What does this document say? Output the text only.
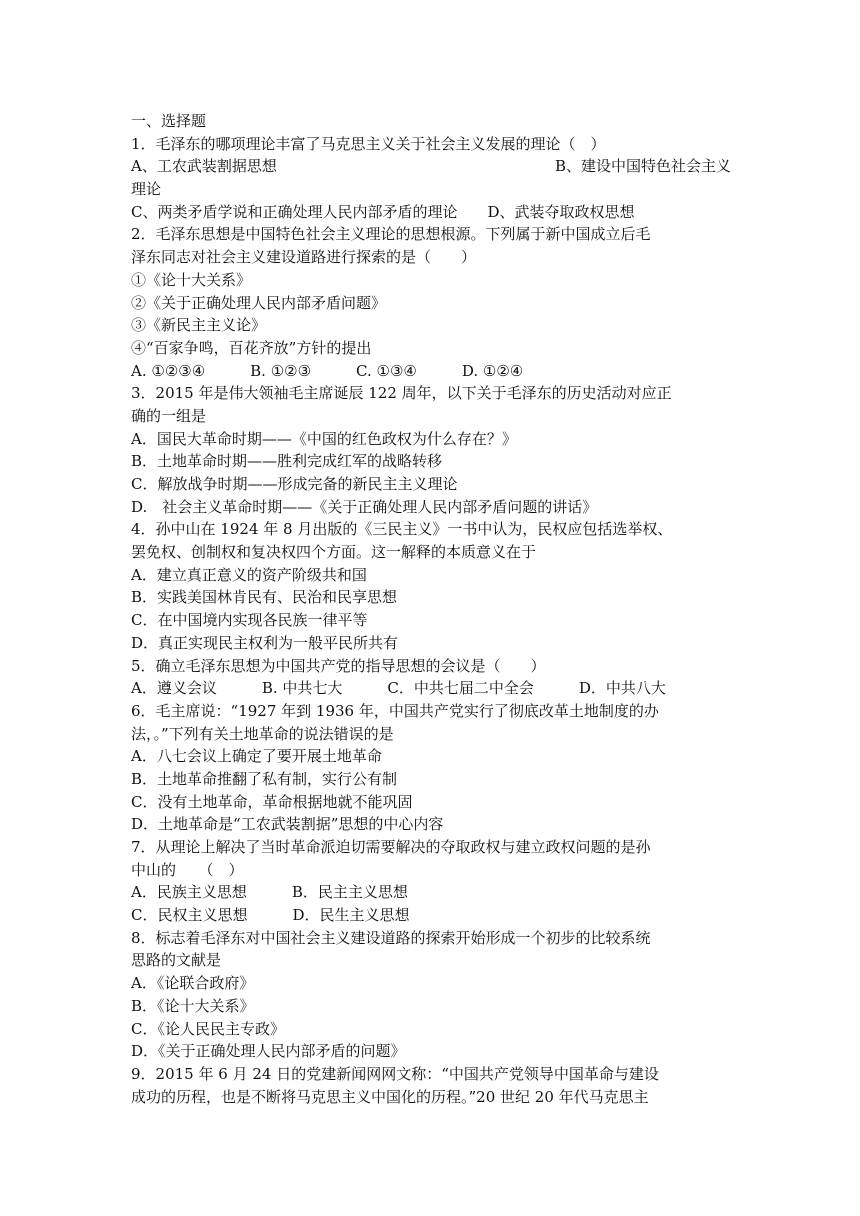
一、选择题
1．毛泽东的哪项理论丰富了马克思主义关于社会主义发展的理论（　）
A、工农武装割据思想	B、建设中国特色社会主义
理论
C、两类矛盾学说和正确处理人民内部矛盾的理论　　D、武装夺取政权思想
2．毛泽东思想是中国特色社会主义理论的思想根源。下列属于新中国成立后毛
泽东同志对社会主义建设道路进行探索的是（　　）
①《论十大关系》
②《关于正确处理人民内部矛盾问题》
③《新民主主义论》
④“百家争鸣，百花齐放”方针的提出
A. ①②③④　　　B. ①②③　　　C. ①③④　　　D. ①②④
3．2015 年是伟大领袖毛主席诞辰 122 周年，以下关于毛泽东的历史活动对应正
确的一组是
A．国民大革命时期——《中国的红色政权为什么存在？》
B．土地革命时期——胜利完成红军的战略转移
C．解放战争时期——形成完备的新民主主义理论
D.　社会主义革命时期——《关于正确处理人民内部矛盾问题的讲话》
4．孙中山在 1924 年 8 月出版的《三民主义》一书中认为，民权应包括选举权、
罢免权、创制权和复决权四个方面。这一解释的本质意义在于
A．建立真正意义的资产阶级共和国
B．实践美国林肯民有、民治和民享思想
C．在中国境内实现各民族一律平等
D．真正实现民主权利为一般平民所共有
5．确立毛泽东思想为中国共产党的指导思想的会议是（　　）
A．遵义会议　　　B. 中共七大　　　C．中共七届二中全会　　　D．中共八大
6．毛主席说：“1927 年到 1936 年，中国共产党实行了彻底改革土地制度的办
法，。”下列有关土地革命的说法错误的是
A．八七会议上确定了要开展土地革命
B．土地革命推翻了私有制，实行公有制
C．没有土地革命，革命根据地就不能巩固
D．土地革命是“工农武装割据”思想的中心内容
7．从理论上解决了当时革命派迫切需要解决的夺取政权与建立政权问题的是孙
中山的　　（　）
A．民族主义思想　　　B．民主主义思想
C．民权主义思想　　　D．民生主义思想
8．标志着毛泽东对中国社会主义建设道路的探索开始形成一个初步的比较系统
思路的文献是
A．《论联合政府》
B．《论十大关系》
C．《论人民民主专政》
D．《关于正确处理人民内部矛盾的问题》
9．2015 年 6 月 24 日的党建新闻网网文称：“中国共产党领导中国革命与建设
成功的历程，也是不断将马克思主义中国化的历程。”20 世纪 20 年代马克思主
